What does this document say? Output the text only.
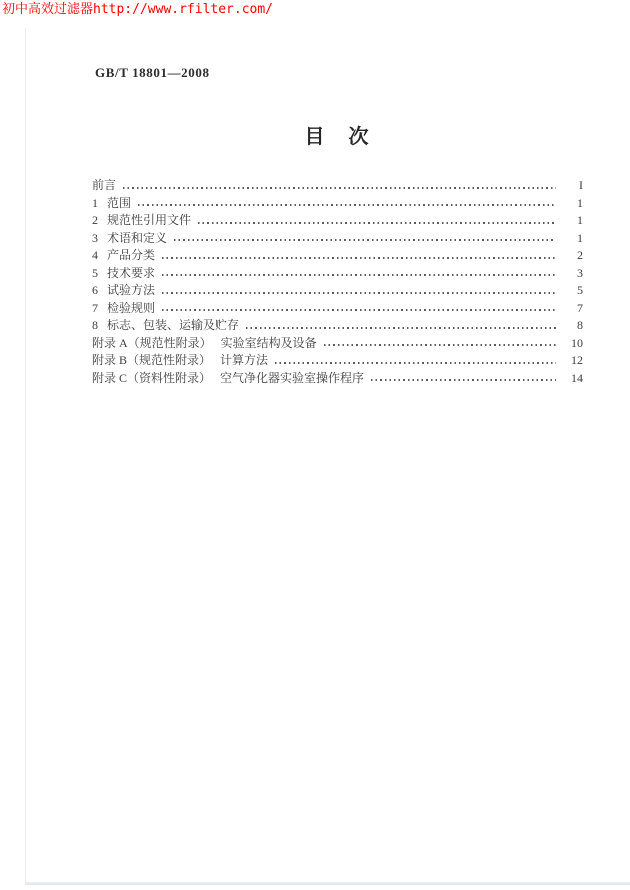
初中高效过滤器http://www.rfilter.com/
GB/T 18801—2008
目　次
前言	I
1 范围	1
2 规范性引用文件	1
3 术语和定义	1
4 产品分类	2
5 技术要求	3
6 试验方法	5
7 检验规则	7
8 标志、包装、运输及贮存	8
附录 A（规范性附录） 实验室结构及设备	10
附录 B（规范性附录） 计算方法	12
附录 C（资料性附录） 空气净化器实验室操作程序	14
